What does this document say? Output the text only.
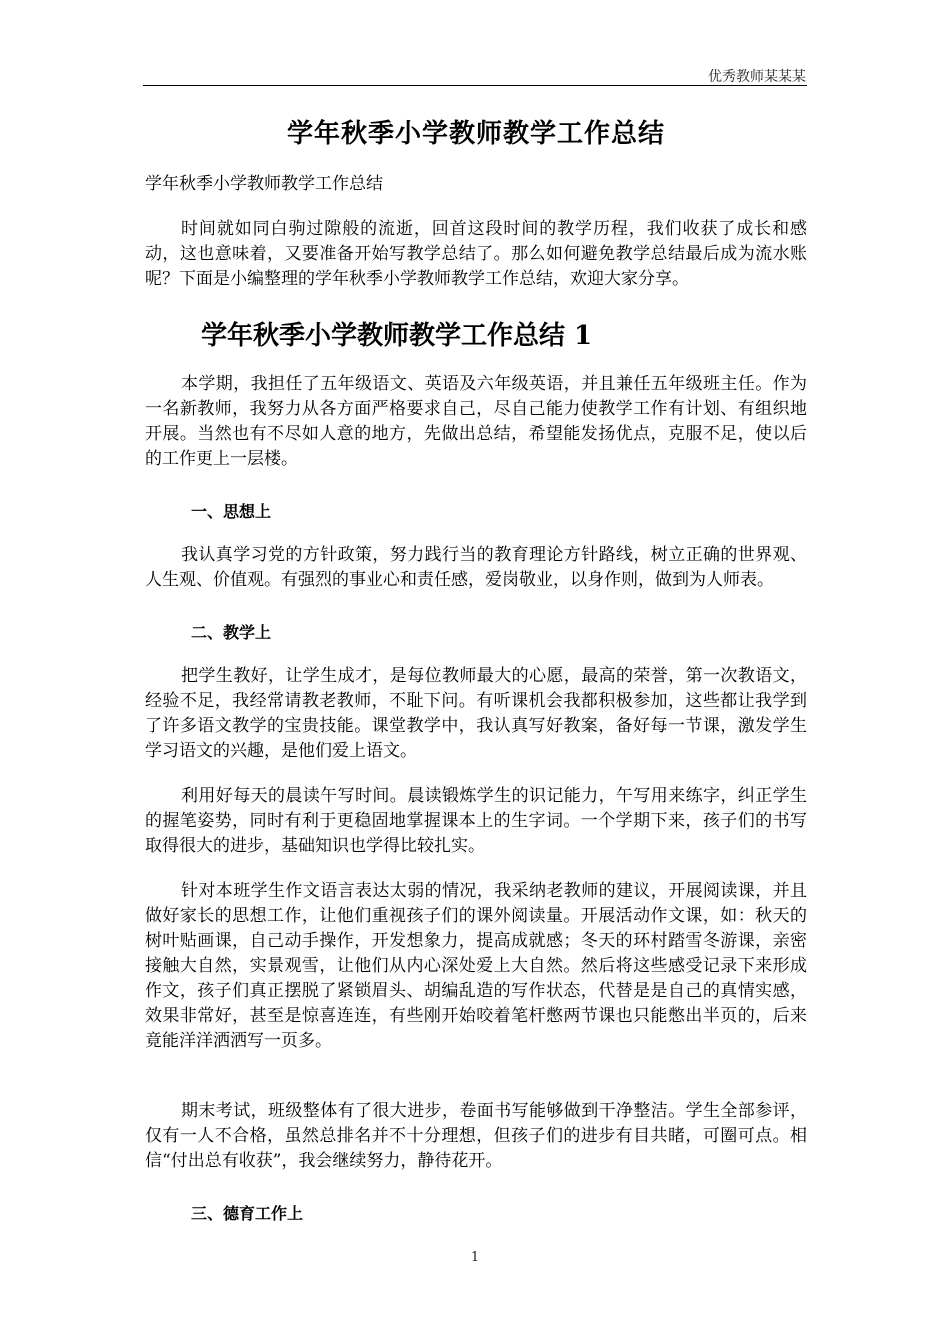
优秀教师某某某
学年秋季小学教师教学工作总结

学年秋季小学教师教学工作总结

时间就如同白驹过隙般的流逝，回首这段时间的教学历程，我们收获了成长和感动，这也意味着，又要准备开始写教学总结了。那么如何避免教学总结最后成为流水账呢？下面是小编整理的学年秋季小学教师教学工作总结，欢迎大家分享。

学年秋季小学教师教学工作总结 1

本学期，我担任了五年级语文、英语及六年级英语，并且兼任五年级班主任。作为一名新教师，我努力从各方面严格要求自己，尽自己能力使教学工作有计划、有组织地开展。当然也有不尽如人意的地方，先做出总结，希望能发扬优点，克服不足，使以后的工作更上一层楼。

一、思想上

我认真学习党的方针政策，努力践行当的教育理论方针路线，树立正确的世界观、人生观、价值观。有强烈的事业心和责任感，爱岗敬业，以身作则，做到为人师表。

二、教学上

把学生教好，让学生成才，是每位教师最大的心愿，最高的荣誉，第一次教语文，经验不足，我经常请教老教师，不耻下问。有听课机会我都积极参加，这些都让我学到了许多语文教学的宝贵技能。课堂教学中，我认真写好教案，备好每一节课，激发学生学习语文的兴趣，是他们爱上语文。

利用好每天的晨读午写时间。晨读锻炼学生的识记能力，午写用来练字，纠正学生的握笔姿势，同时有利于更稳固地掌握课本上的生字词。一个学期下来，孩子们的书写取得很大的进步，基础知识也学得比较扎实。

针对本班学生作文语言表达太弱的情况，我采纳老教师的建议，开展阅读课，并且做好家长的思想工作，让他们重视孩子们的课外阅读量。开展活动作文课，如：秋天的树叶贴画课，自己动手操作，开发想象力，提高成就感；冬天的环村踏雪冬游课，亲密接触大自然，实景观雪，让他们从内心深处爱上大自然。然后将这些感受记录下来形成作文，孩子们真正摆脱了紧锁眉头、胡编乱造的写作状态，代替是是自己的真情实感，效果非常好，甚至是惊喜连连，有些刚开始咬着笔杆憋两节课也只能憋出半页的，后来竟能洋洋洒洒写一页多。

期末考试，班级整体有了很大进步，卷面书写能够做到干净整洁。学生全部参评，仅有一人不合格，虽然总排名并不十分理想，但孩子们的进步有目共睹，可圈可点。相信“付出总有收获”，我会继续努力，静待花开。

三、德育工作上
1
